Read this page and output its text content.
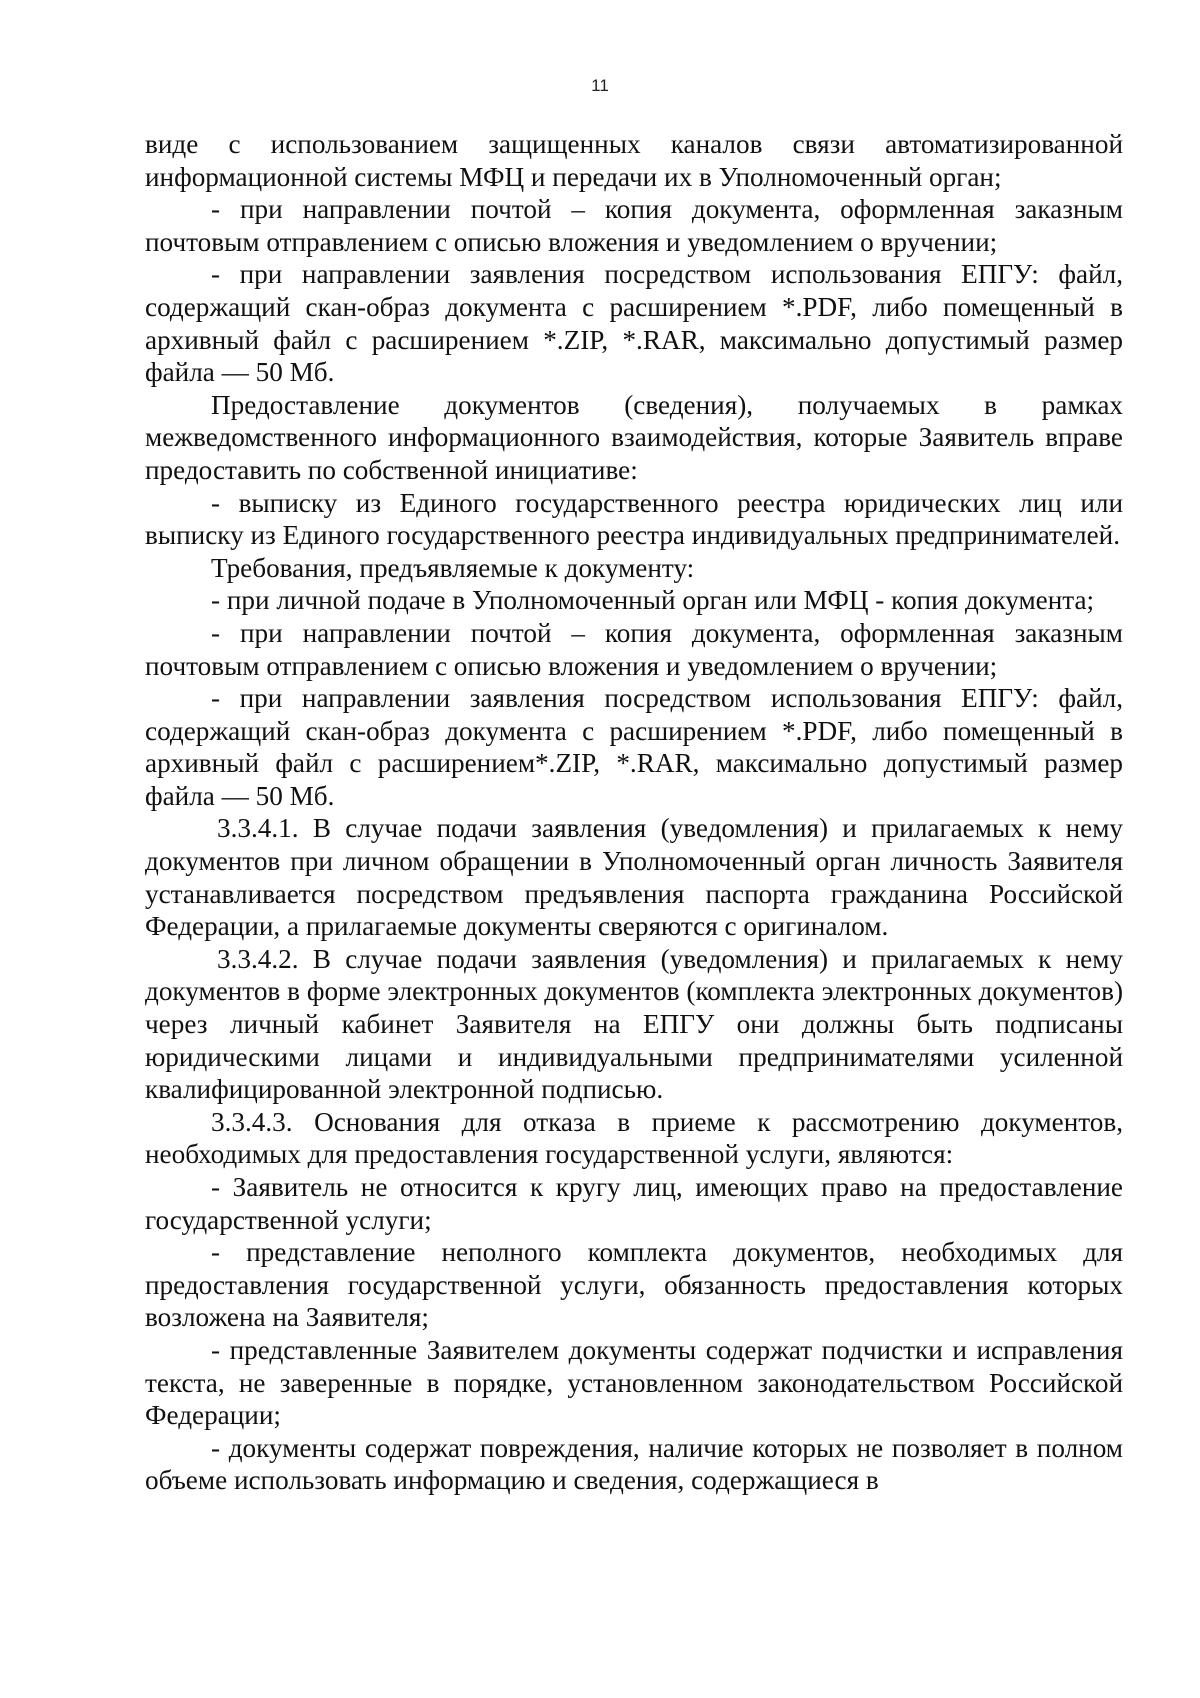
11

виде с использованием защищенных каналов связи автоматизированной информационной системы МФЦ и передачи их в Уполномоченный орган;

- при направлении почтой – копия документа, оформленная заказным почтовым отправлением с описью вложения и уведомлением о вручении;

- при направлении заявления посредством использования ЕПГУ: файл, содержащий скан-образ документа с расширением *.PDF, либо помещенный в архивный файл с расширением *.ZIP, *.RAR, максимально допустимый размер файла — 50 Мб.

Предоставление документов (сведения), получаемых в рамках межведомственного информационного взаимодействия, которые Заявитель вправе предоставить по собственной инициативе:

- выписку из Единого государственного реестра юридических лиц или выписку из Единого государственного реестра индивидуальных предпринимателей.

Требования, предъявляемые к документу:

- при личной подаче в Уполномоченный орган или МФЦ - копия документа;

- при направлении почтой – копия документа, оформленная заказным почтовым отправлением с описью вложения и уведомлением о вручении;

- при направлении заявления посредством использования ЕПГУ: файл, содержащий скан-образ документа с расширением *.PDF, либо помещенный в архивный файл с расширением*.ZIP, *.RAR, максимально допустимый размер файла — 50 Мб.

3.3.4.1. В случае подачи заявления (уведомления) и прилагаемых к нему документов при личном обращении в Уполномоченный орган личность Заявителя устанавливается посредством предъявления паспорта гражданина Российской Федерации, а прилагаемые документы сверяются с оригиналом.

3.3.4.2. В случае подачи заявления (уведомления) и прилагаемых к нему документов в форме электронных документов (комплекта электронных документов) через личный кабинет Заявителя на ЕПГУ они должны быть подписаны юридическими лицами и индивидуальными предпринимателями усиленной квалифицированной электронной подписью.

3.3.4.3. Основания для отказа в приеме к рассмотрению документов, необходимых для предоставления государственной услуги, являются:

- Заявитель не относится к кругу лиц, имеющих право на предоставление государственной услуги;

- представление неполного комплекта документов, необходимых для предоставления государственной услуги, обязанность предоставления которых возложена на Заявителя;

- представленные Заявителем документы содержат подчистки и исправления текста, не заверенные в порядке, установленном законодательством Российской Федерации;

- документы содержат повреждения, наличие которых не позволяет в полном объеме использовать информацию и сведения, содержащиеся в
